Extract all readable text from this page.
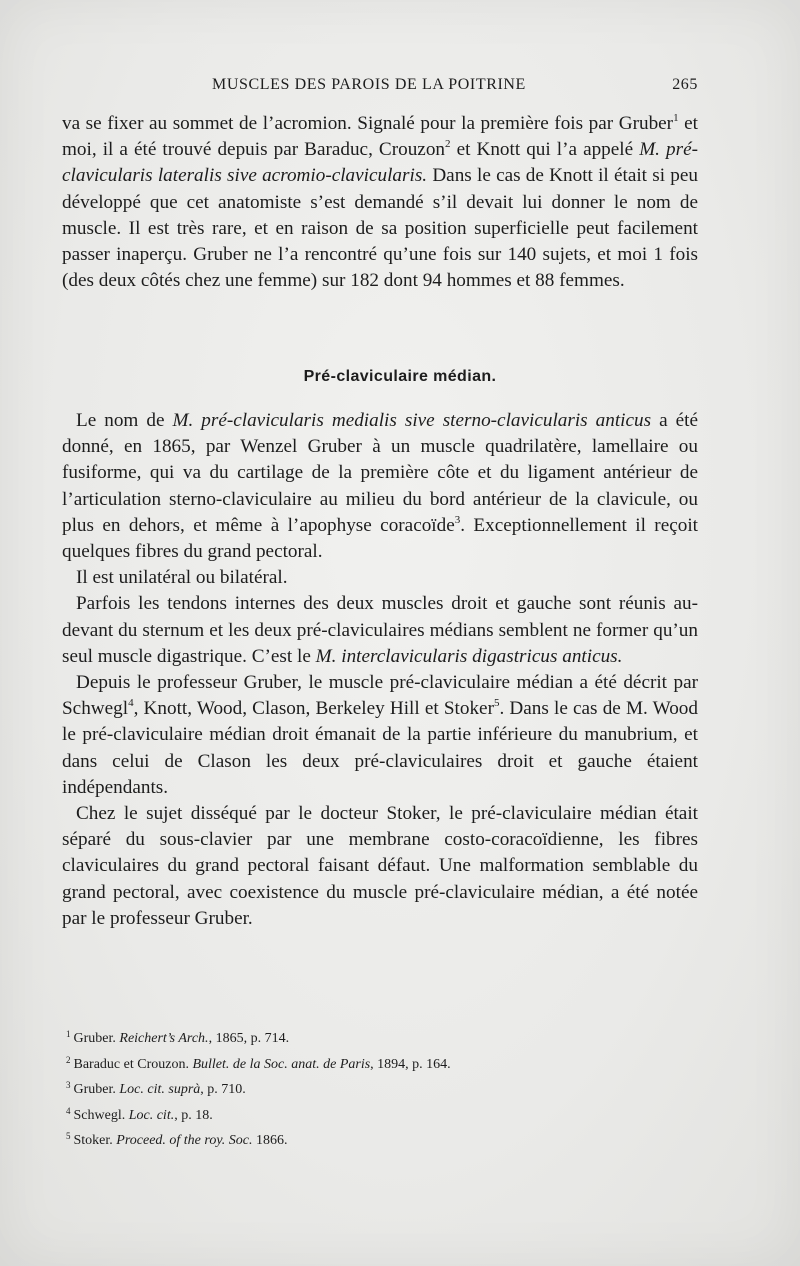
MUSCLES DES PAROIS DE LA POITRINE	265

va se fixer au sommet de l’acromion. Signalé pour la première fois par Gruber$^1$ et moi, il a été trouvé depuis par Baraduc, Crouzon$^2$ et Knott qui l’a appelé M. pré-clavicularis lateralis sive acromio-clavicularis. Dans le cas de Knott il était si peu développé que cet anatomiste s’est demandé s’il devait lui donner le nom de muscle. Il est très rare, et en raison de sa position superficielle peut facilement passer inaperçu. Gruber ne l’a rencontré qu’une fois sur 140 sujets, et moi 1 fois (des deux côtés chez une femme) sur 182 dont 94 hommes et 88 femmes.

Pré-claviculaire médian.

Le nom de M. pré-clavicularis medialis sive sterno-clavicularis anticus a été donné, en 1865, par Wenzel Gruber à un muscle quadrilatère, lamellaire ou fusiforme, qui va du cartilage de la première côte et du ligament antérieur de l’articulation sterno-claviculaire au milieu du bord antérieur de la clavicule, ou plus en dehors, et même à l’apophyse coracoïde$^3$. Exceptionnellement il reçoit quelques fibres du grand pectoral.

Il est unilatéral ou bilatéral.

Parfois les tendons internes des deux muscles droit et gauche sont réunis au-devant du sternum et les deux pré-claviculaires médians semblent ne former qu’un seul muscle digastrique. C’est le M. interclavicularis digastricus anticus.

Depuis le professeur Gruber, le muscle pré-claviculaire médian a été décrit par Schwegl$^4$, Knott, Wood, Clason, Berkeley Hill et Stoker$^5$. Dans le cas de M. Wood le pré-claviculaire médian droit émanait de la partie inférieure du manubrium, et dans celui de Clason les deux pré-claviculaires droit et gauche étaient indépendants.

Chez le sujet disséqué par le docteur Stoker, le pré-claviculaire médian était séparé du sous-clavier par une membrane costo-coracoïdienne, les fibres claviculaires du grand pectoral faisant défaut. Une malformation semblable du grand pectoral, avec coexistence du muscle pré-claviculaire médian, a été notée par le professeur Gruber.

$^1$ Gruber. Reichert’s Arch., 1865, p. 714.
$^2$ Baraduc et Crouzon. Bullet. de la Soc. anat. de Paris, 1894, p. 164.
$^3$ Gruber. Loc. cit. suprà, p. 710.
$^4$ Schwegl. Loc. cit., p. 18.
$^5$ Stoker. Proceed. of the roy. Soc. 1866.
